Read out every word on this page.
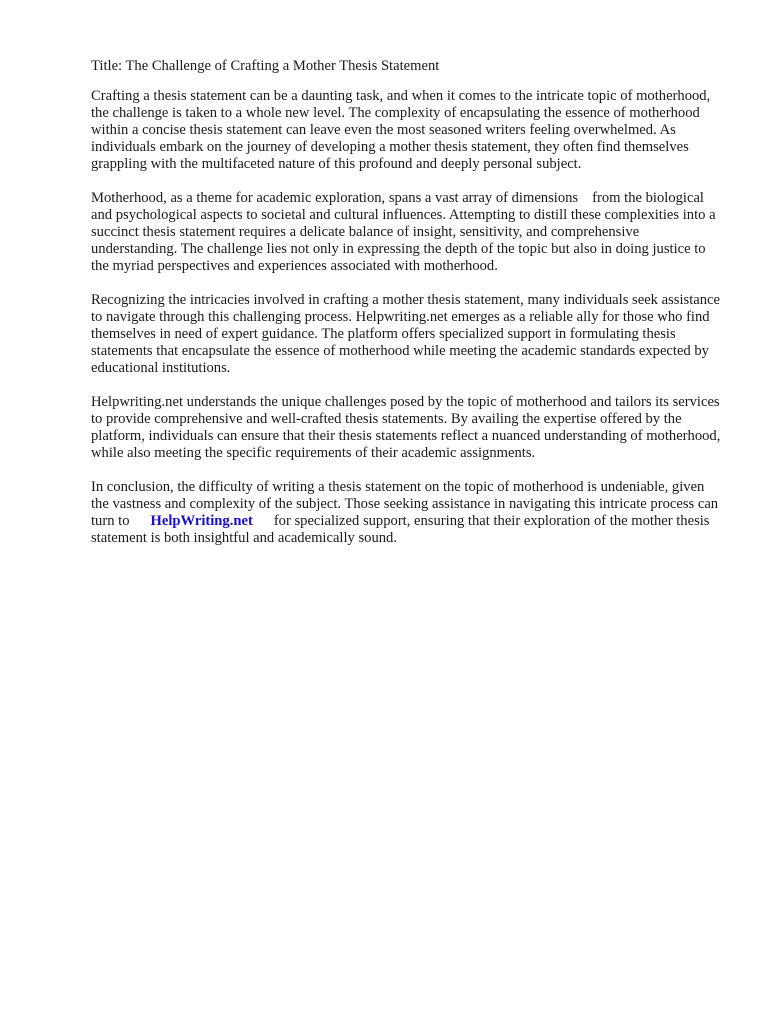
Title: The Challenge of Crafting a Mother Thesis Statement

Crafting a thesis statement can be a daunting task, and when it comes to the intricate topic of motherhood, the challenge is taken to a whole new level. The complexity of encapsulating the essence of motherhood within a concise thesis statement can leave even the most seasoned writers feeling overwhelmed. As individuals embark on the journey of developing a mother thesis statement, they often find themselves grappling with the multifaceted nature of this profound and deeply personal subject.

Motherhood, as a theme for academic exploration, spans a vast array of dimensions from the biological and psychological aspects to societal and cultural influences. Attempting to distill these complexities into a succinct thesis statement requires a delicate balance of insight, sensitivity, and comprehensive understanding. The challenge lies not only in expressing the depth of the topic but also in doing justice to the myriad perspectives and experiences associated with motherhood.

Recognizing the intricacies involved in crafting a mother thesis statement, many individuals seek assistance to navigate through this challenging process. Helpwriting.net emerges as a reliable ally for those who find themselves in need of expert guidance. The platform offers specialized support in formulating thesis statements that encapsulate the essence of motherhood while meeting the academic standards expected by educational institutions.

Helpwriting.net understands the unique challenges posed by the topic of motherhood and tailors its services to provide comprehensive and well-crafted thesis statements. By availing the expertise offered by the platform, individuals can ensure that their thesis statements reflect a nuanced understanding of motherhood, while also meeting the specific requirements of their academic assignments.

In conclusion, the difficulty of writing a thesis statement on the topic of motherhood is undeniable, given the vastness and complexity of the subject. Those seeking assistance in navigating this intricate process can turn to HelpWriting.net for specialized support, ensuring that their exploration of the mother thesis statement is both insightful and academically sound.
